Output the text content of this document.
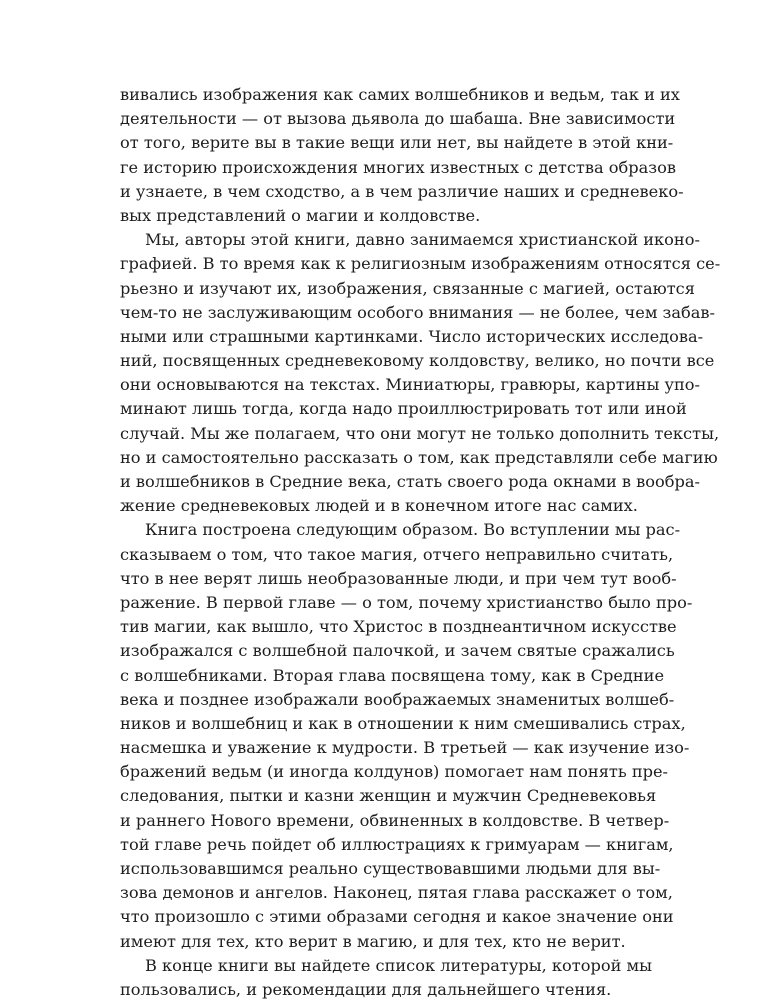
вивались изображения как самих волшебников и ведьм, так и их
деятельности — от вызова дьявола до шабаша. Вне зависимости
от того, верите вы в такие вещи или нет, вы найдете в этой кни-
ге историю происхождения многих известных с детства образов
и узнаете, в чем сходство, а в чем различие наших и средневеко-
вых представлений о магии и колдовстве.
Мы, авторы этой книги, давно занимаемся христианской иконо-
графией. В то время как к религиозным изображениям относятся се-
рьезно и изучают их, изображения, связанные с магией, остаются
чем-то не заслуживающим особого внимания — не более, чем забав-
ными или страшными картинками. Число исторических исследова-
ний, посвященных средневековому колдовству, велико, но почти все
они основываются на текстах. Миниатюры, гравюры, картины упо-
минают лишь тогда, когда надо проиллюстрировать тот или иной
случай. Мы же полагаем, что они могут не только дополнить тексты,
но и самостоятельно рассказать о том, как представляли себе магию
и волшебников в Средние века, стать своего рода окнами в вообра-
жение средневековых людей и в конечном итоге нас самих.
Книга построена следующим образом. Во вступлении мы рас-
сказываем о том, что такое магия, отчего неправильно считать,
что в нее верят лишь необразованные люди, и при чем тут вооб-
ражение. В первой главе — о том, почему христианство было про-
тив магии, как вышло, что Христос в позднеантичном искусстве
изображался с волшебной палочкой, и зачем святые сражались
с волшебниками. Вторая глава посвящена тому, как в Средние
века и позднее изображали воображаемых знаменитых волшеб-
ников и волшебниц и как в отношении к ним смешивались страх,
насмешка и уважение к мудрости. В третьей — как изучение изо-
бражений ведьм (и иногда колдунов) помогает нам понять пре-
следования, пытки и казни женщин и мужчин Средневековья
и раннего Нового времени, обвиненных в колдовстве. В четвер-
той главе речь пойдет об иллюстрациях к гримуарам — книгам,
использовавшимся реально существовавшими людьми для вы-
зова демонов и ангелов. Наконец, пятая глава расскажет о том,
что произошло с этими образами сегодня и какое значение они
имеют для тех, кто верит в магию, и для тех, кто не верит.
В конце книги вы найдете список литературы, которой мы
пользовались, и рекомендации для дальнейшего чтения.
